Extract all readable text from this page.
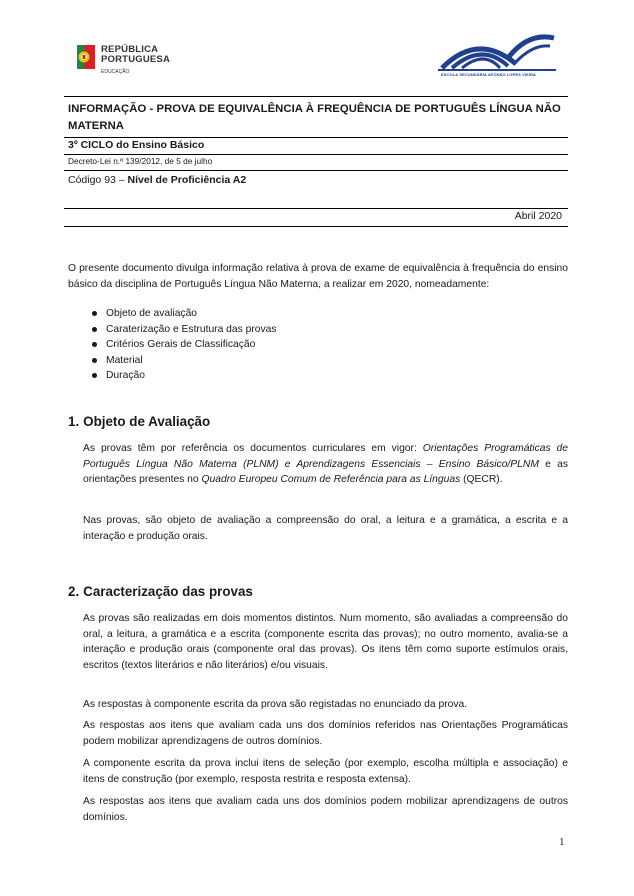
REPÚBLICA
PORTUGUESA
EDUCAÇÃO	ESCOLA SECUNDÁRIA AFONSO LOPES VIEIRA
INFORMAÇÃO - PROVA DE EQUIVALÊNCIA À FREQUÊNCIA DE PORTUGUÊS LÍNGUA NÃO MATERNA
3º CICLO do Ensino Básico
Decreto-Lei n.º 139/2012, de 5 de julho
Código 93 – Nível de Proficiência A2
Abril 2020
O presente documento divulga informação relativa à prova de exame de equivalência à frequência do ensino básico da disciplina de Português Língua Não Materna, a realizar em 2020, nomeadamente:
Objeto de avaliação
Caraterização e Estrutura das provas
Critérios Gerais de Classificação
Material
Duração
1. Objeto de Avaliação
As provas têm por referência os documentos curriculares em vigor: Orientações Programáticas de Português Língua Não Materna (PLNM) e Aprendizagens Essenciais – Ensino Básico/PLNM e as orientações presentes no Quadro Europeu Comum de Referência para as Línguas (QECR).
Nas provas, são objeto de avaliação a compreensão do oral, a leitura e a gramática, a escrita e a interação e produção orais.
2. Caracterização das provas
As provas são realizadas em dois momentos distintos. Num momento, são avaliadas a compreensão do oral, a leitura, a gramática e a escrita (componente escrita das provas); no outro momento, avalia-se a interação e produção orais (componente oral das provas). Os itens têm como suporte estímulos orais, escritos (textos literários e não literários) e/ou visuais.
As respostas à componente escrita da prova são registadas no enunciado da prova.
As respostas aos itens que avaliam cada uns dos domínios referidos nas Orientações Programáticas podem mobilizar aprendizagens de outros domínios.
A componente escrita da prova inclui itens de seleção (por exemplo, escolha múltipla e associação) e itens de construção (por exemplo, resposta restrita e resposta extensa).
As respostas aos itens que avaliam cada uns dos domínios podem mobilizar aprendizagens de outros domínios.
1
